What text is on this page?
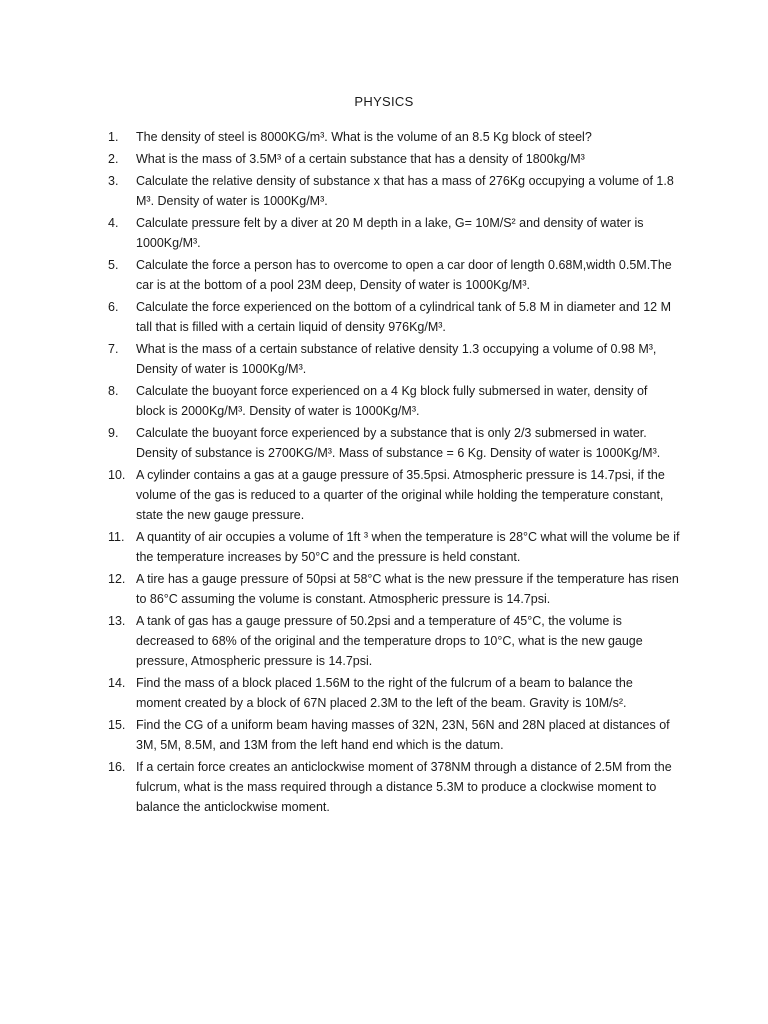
PHYSICS
1.	The density of steel is 8000KG/m³. What is the volume of an 8.5 Kg block of steel?
2.	What is the mass of 3.5M³ of a certain substance that has a density of 1800kg/M³
3.	Calculate the relative density of substance x that has a mass of 276Kg occupying a volume of 1.8 M³. Density of water is 1000Kg/M³.
4.	Calculate pressure felt by a diver at 20 M depth in a lake, G= 10M/S² and density of water is 1000Kg/M³.
5.	Calculate the force a person has to overcome to open a car door of length 0.68M,width 0.5M.The car is at the bottom of a pool 23M deep, Density of water is 1000Kg/M³.
6.	Calculate the force experienced on the bottom of a cylindrical tank of 5.8 M in diameter and 12 M tall that is filled with a certain liquid of density 976Kg/M³.
7.	What is the mass of a certain substance of relative density 1.3 occupying a volume of 0.98 M³, Density of water is 1000Kg/M³.
8.	Calculate the buoyant force experienced on a 4 Kg block fully submersed in water, density of block is 2000Kg/M³. Density of water is 1000Kg/M³.
9.	Calculate the buoyant force experienced by a substance that is only 2/3 submersed in water. Density of substance is 2700KG/M³. Mass of substance = 6 Kg. Density of water is 1000Kg/M³.
10. A cylinder contains a gas at a gauge pressure of 35.5psi. Atmospheric pressure is 14.7psi, if the volume of the gas is reduced to a quarter of the original while holding the temperature constant, state the new gauge pressure.
11. A quantity of air occupies a volume of 1ft ³ when the temperature is 28°C what will the volume be if the temperature increases by 50°C and the pressure is held constant.
12. A tire has a gauge pressure of 50psi at 58°C what is the new pressure if the temperature has risen to 86°C assuming the volume is constant. Atmospheric pressure is 14.7psi.
13. A tank of gas has a gauge pressure of 50.2psi and a temperature of 45°C, the volume is decreased to 68% of the original and the temperature drops to 10°C, what is the new gauge pressure, Atmospheric pressure is 14.7psi.
14. Find the mass of a block placed 1.56M to the right of the fulcrum of a beam to balance the moment created by a block of 67N placed 2.3M to the left of the beam. Gravity is 10M/s².
15. Find the CG of a uniform beam having masses of 32N, 23N, 56N and 28N placed at distances of 3M, 5M, 8.5M, and 13M from the left hand end which is the datum.
16. If a certain force creates an anticlockwise moment of 378NM through a distance of 2.5M from the fulcrum, what is the mass required through a distance 5.3M to produce a clockwise moment to balance the anticlockwise moment.
